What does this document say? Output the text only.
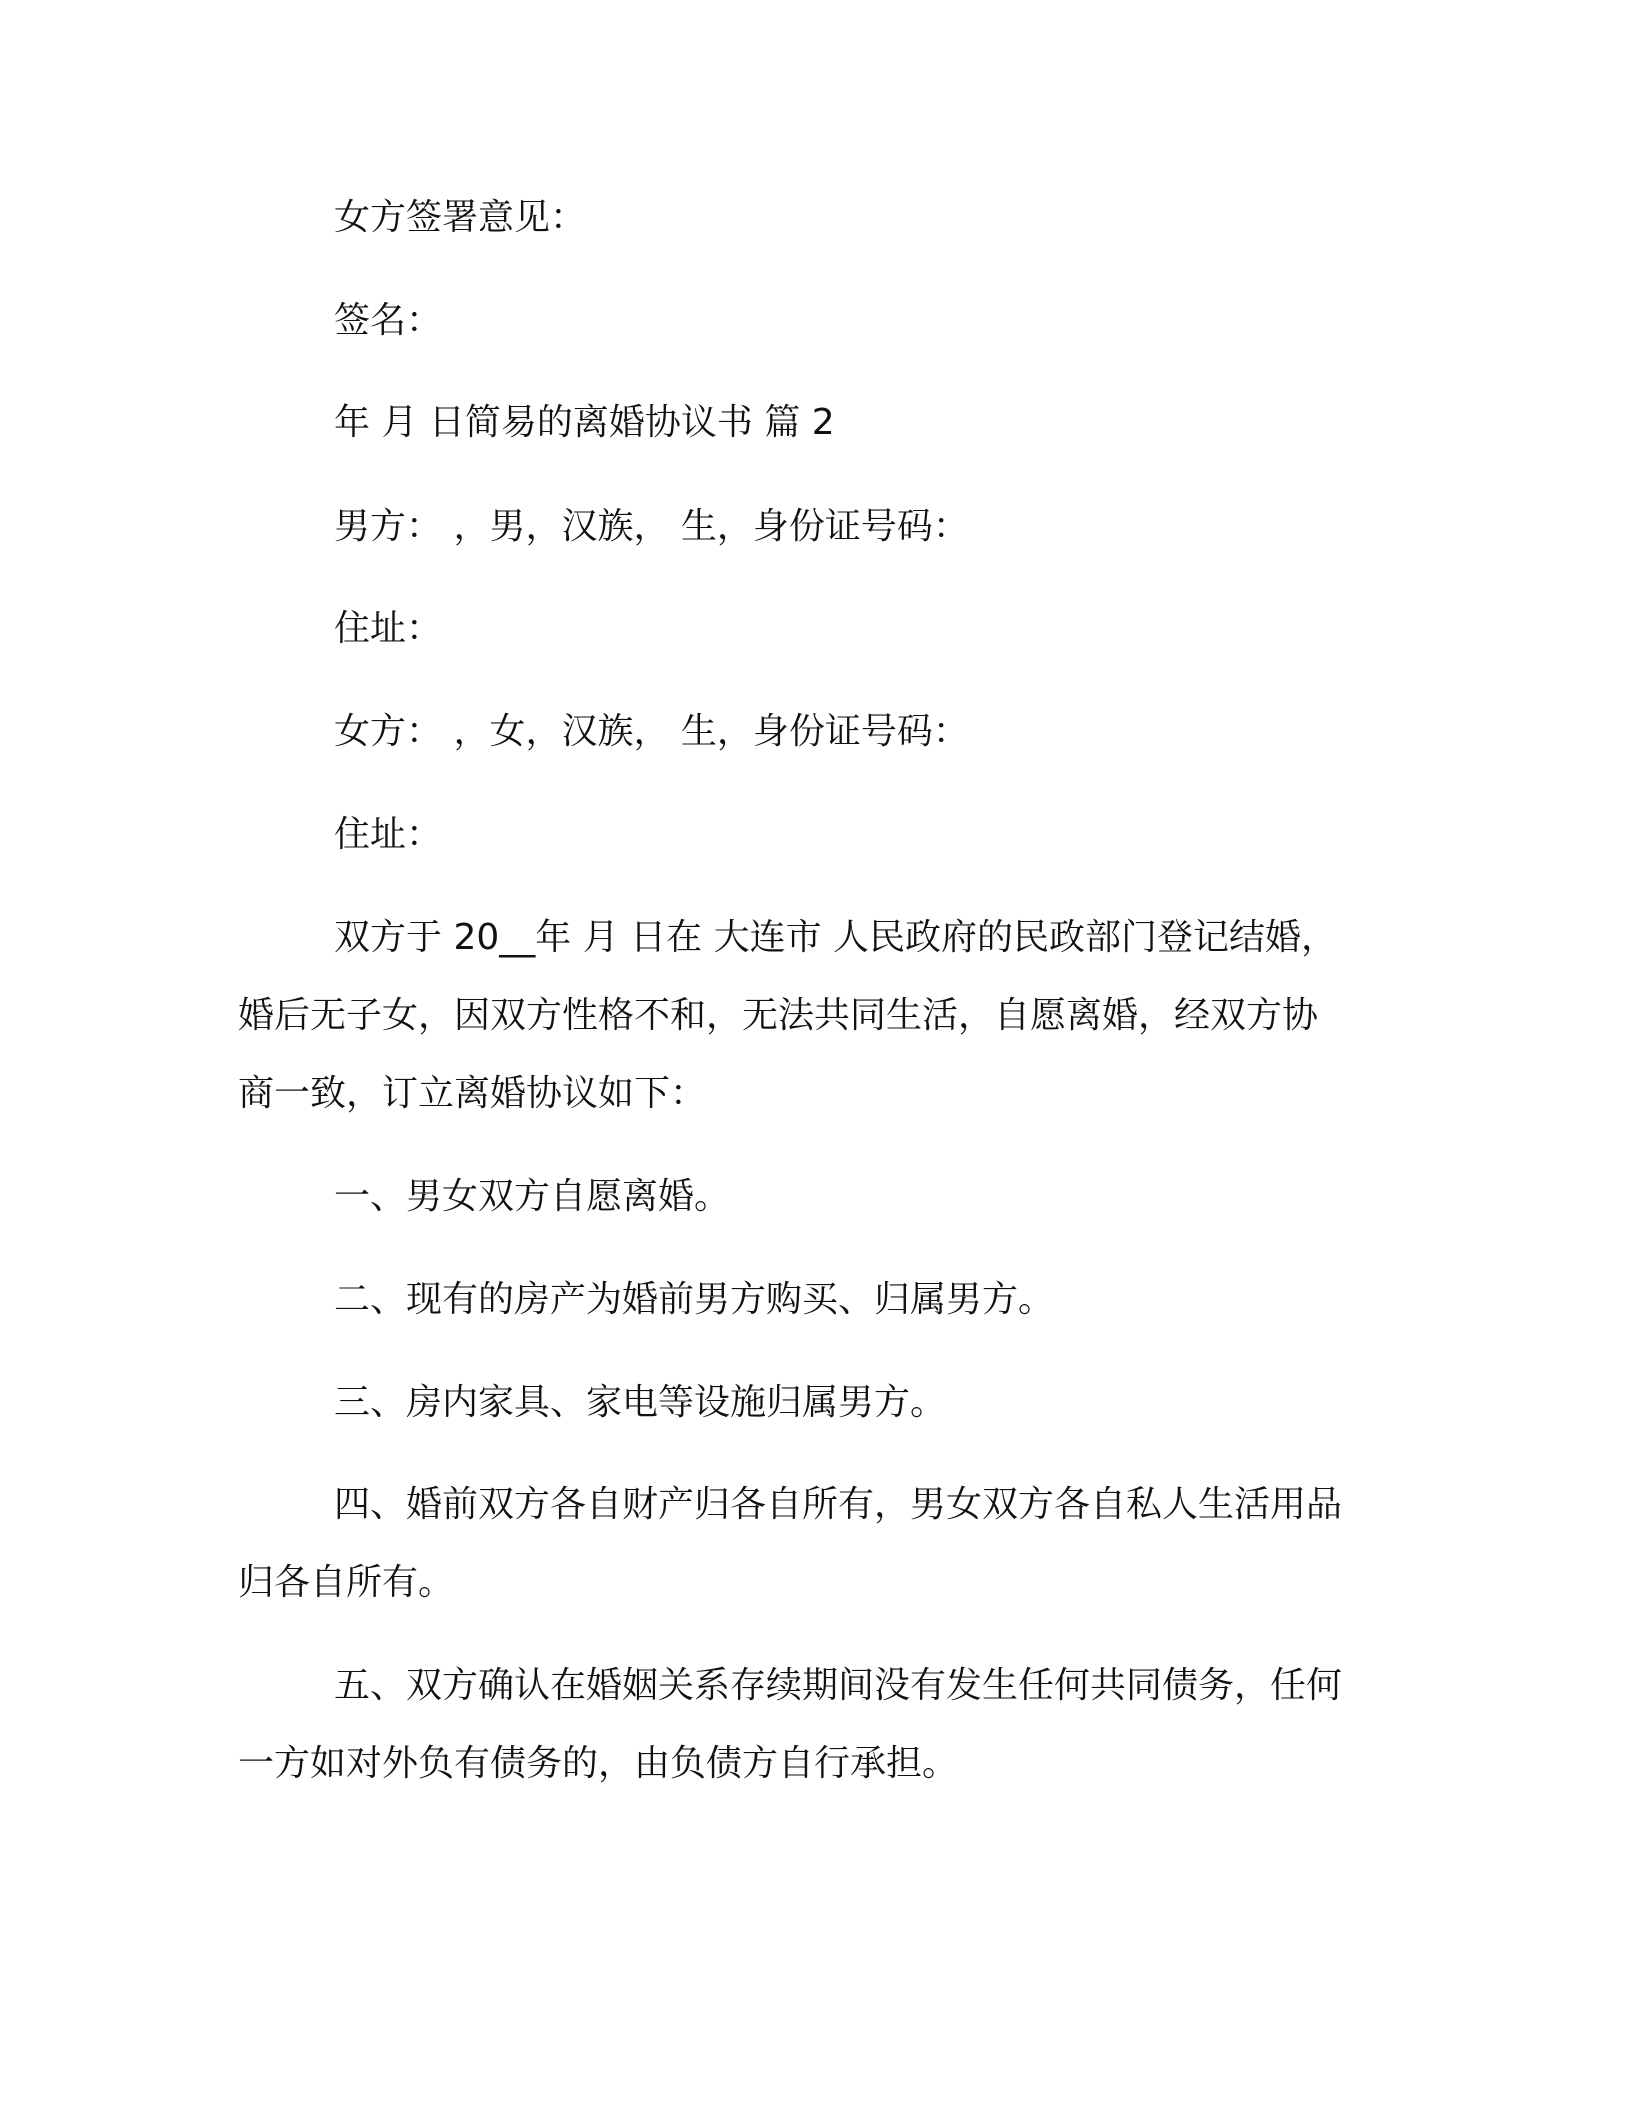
女方签署意见：
签名：
年 月 日简易的离婚协议书 篇 2
男方： ，男，汉族， 生，身份证号码：
住址：
女方： ，女，汉族， 生，身份证号码：
住址：
双方于 20__年 月 日在 大连市 人民政府的民政部门登记结婚，
婚后无子女，因双方性格不和，无法共同生活，自愿离婚，经双方协
商一致，订立离婚协议如下：
一、男女双方自愿离婚。
二、现有的房产为婚前男方购买、归属男方。
三、房内家具、家电等设施归属男方。
四、婚前双方各自财产归各自所有，男女双方各自私人生活用品
归各自所有。
五、双方确认在婚姻关系存续期间没有发生任何共同债务，任何
一方如对外负有债务的，由负债方自行承担。
